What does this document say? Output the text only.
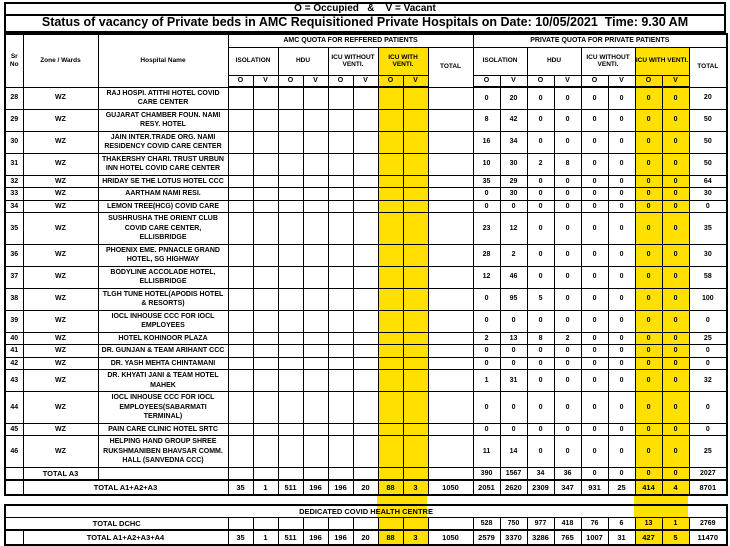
O = Occupied   &    V = Vacant
Status of vacancy of Private beds in AMC Requisitioned Private Hospitals on Date: 10/05/2021  Time: 9.30 AM
Sr No	Zone / Wards	Hospital Name	AMC QUOTA FOR REFFERED PATIENTS									PRIVATE QUOTA FOR PRIVATE PATIENTS								
			ISOLATION		HDU		ICU WITHOUT VENTI.		ICU WITH VENTI.		TOTAL	ISOLATION		HDU		ICU WITHOUT VENTI.		ICU WITH VENTI.		TOTAL
			O	V	O	V	O	V	O	V		O	V	O	V	O	V	O	V	
28	WZ	RAJ HOSPI. ATITHI HOTEL COVID CARE CENTER										0	20	0	0	0	0	0	0	20
29	WZ	GUJARAT CHAMBER FOUN. NAMI RESY. HOTEL										8	42	0	0	0	0	0	0	50
30	WZ	JAIN INTER.TRADE ORG. NAMI RESIDENCY COVID CARE CENTER										16	34	0	0	0	0	0	0	50
31	WZ	THAKERSHY CHARI. TRUST URBUN INN HOTEL COVID CARE CENTER										10	30	2	8	0	0	0	0	50
32	WZ	HRIDAY SE THE LOTUS HOTEL CCC										35	29	0	0	0	0	0	0	64
33	WZ	AARTHAM NAMI RESI.										0	30	0	0	0	0	0	0	30
34	WZ	LEMON TREE(HCG) COVID CARE										0	0	0	0	0	0	0	0	0
35	WZ	SUSHRUSHA THE ORIENT CLUB COVID CARE CENTER, ELLISBRIDGE										23	12	0	0	0	0	0	0	35
36	WZ	PHOENIX EME. PNNACLE GRAND HOTEL, SG HIGHWAY										28	2	0	0	0	0	0	0	30
37	WZ	BODYLINE ACCOLADE HOTEL, ELLISBRIDGE										12	46	0	0	0	0	0	0	58
38	WZ	TLGH TUNE HOTEL(APODIS HOTEL & RESORTS)										0	95	5	0	0	0	0	0	100
39	WZ	IOCL INHOUSE CCC FOR IOCL EMPLOYEES										0	0	0	0	0	0	0	0	0
40	WZ	HOTEL KOHINOOR PLAZA										2	13	8	2	0	0	0	0	25
41	WZ	DR. GUNJAN & TEAM ARIHANT CCC										0	0	0	0	0	0	0	0	0
42	WZ	DR. YASH MEHTA CHINTAMANI										0	0	0	0	0	0	0	0	0
43	WZ	DR. KHYATI JANI & TEAM HOTEL MAHEK										1	31	0	0	0	0	0	0	32
44	WZ	IOCL INHOUSE CCC FOR IOCL EMPLOYEES(SABARMATI TERMINAL)										0	0	0	0	0	0	0	0	0
45	WZ	PAIN CARE CLINIC HOTEL SRTC										0	0	0	0	0	0	0	0	0
46	WZ	HELPING HAND GROUP SHREE RUKSHMANIBEN BHAVSAR COMM. HALL (SANVEDNA CCC)										11	14	0	0	0	0	0	0	25
	TOTAL A3											390	1567	34	36	0	0	0	0	2027
	TOTAL A1+A2+A3		35	1	511	196	196	20	88	3	1050	2051	2620	2309	347	931	25	414	4	8701
DEDICATED COVID HEALTH CENTRE																			
TOTAL DCHC											528	750	977	418	76	6	13	1	2769
	TOTAL A1+A2+A3+A4	35	1	511	196	196	20	88	3	1050	2579	3370	3286	765	1007	31	427	5	11470
